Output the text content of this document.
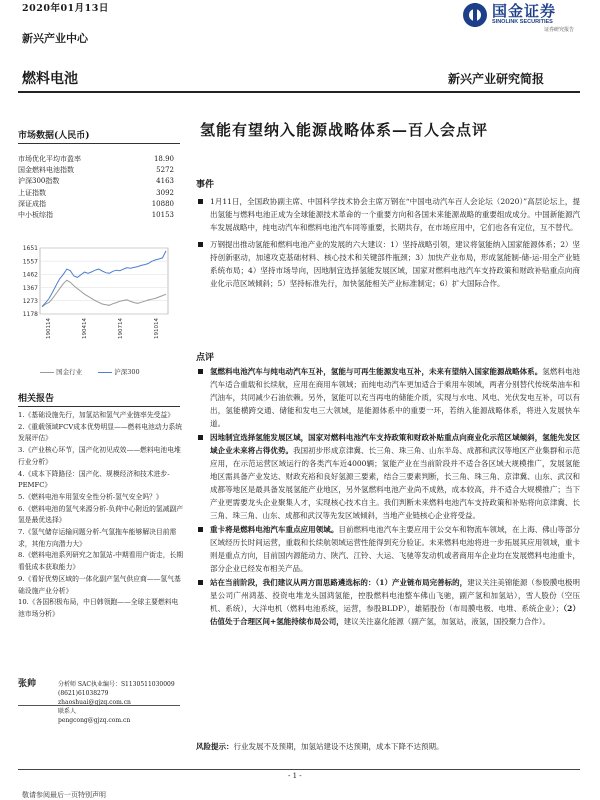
2020年01月13日
新兴产业中心
国金证券
SINOLINK SECURITIES
证券研究报告
燃料电池	新兴产业研究简报
氢能有望纳入能源战略体系—百人会点评
市场数据(人民币)
市场优化平均市盈率	18.90
国金燃料电池指数	5272
沪深300指数	4163
上证指数	3092
深证成指	10880
中小板综指	10153
1651
1557
1462
1367
1273
1178
190114	190414	190714	191014
国金行业	沪深300
相关报告
1.《基础设施先行，加氢站和氢气产业链率先受益》
2.《重载领域FCV成本优势明显——燃料电池动力系统发展评估》
3.《产业核心环节，国产化初见成效——燃料电池电堆行业分析》
4.《成本下降路径：国产化、规模经济和技术进步-PEMFC》
5.《燃料电池车用氢安全性分析-氢气安全吗？》
6.《燃料电池的氢气来源分析-负荷中心附近的氢减副产氢是最优选择》
7.《氢气储存运输问题分析-气氢拖车能够解决目前需求，其他方向潜力大》
8.《燃料电池系列研究之加氢站-中期看用户街走，长期看低成本获取能力》
9.《看好优势区域的一体化副产氢气供应商——氢气基础设施产业分析》
10.《各国积极布局，中日韩领跑——全球主要燃料电池市场分析》
事件

1月11日，全国政协副主席、中国科学技术协会主席万钢在“中国电动汽车百人会论坛（2020）”高层论坛上，提出氢能与燃料电池正成为全球能源技术革命的一个重要方向和各国未来能源战略的重要组成成分。中国新能源汽车发展战略中，纯电动汽车和燃料电池汽车同等重要，长期共存，在市场应用中，它们也各有定位，互不替代。

万钢提出推动氢能和燃料电池产业的发展的六大建议：1）坚持战略引领，建议将氢能纳入国家能源体系；2）坚持创新驱动，加速攻克基础材料、核心技术和关键部件瓶颈；3）加快产业布局，形成氢能制-储-运-用全产业链系统布局；4）坚持市场导向，因地制宜选择氢能发展区域，国家对燃料电池汽车支持政策和财政补贴重点向商业化示范区域倾斜；5）坚持标准先行，加快氢能相关产业标准制定；6）扩大国际合作。

点评

氢燃料电池汽车与纯电动汽车互补，氢能与可再生能源发电互补，未来有望纳入国家能源战略体系。氢燃料电池汽车适合重载和长续航，应用在商用车领域；而纯电动汽车更加适合于乘用车领域，两者分别替代传统柴油车和汽油车，共同减少石油依赖。另外，氢能可以充当再电的储能介质，实现与水电、风电、光伏发电互补，可以有出，氢能横跨交通、储能和发电三大领域，是能源体系中的重要一环，若纳入能源战略体系，将进入发展快车道。

因地制宜选择氢能发展区域，国家对燃料电池汽车支持政策和财政补贴重点向商业化示范区域倾斜，氢能先发区域企业未来将占得优势。我国初步形成京津冀、长三角、珠三角、山东半岛、成都和武汉等地区产业集群和示范应用，在示范运营区域运行的各类汽车近4000辆；氢能产业在当前阶段并不适合各区域大规模推广，发展氢能地区需具备产业发达、财政充裕和良好氢源三要素，结合三要素判断，长三角、珠三角、京津冀、山东、武汉和成都等地区是最具备发展氢能产业地区，另外氢燃料电池产业尚不成熟，成本较高，并不适合大规模推广；当下产业更需要龙头企业聚集人才，实现核心技术自主。我们判断未来燃料电池汽车支持政策和补贴将向京津冀、长三角、珠三角、山东、成都和武汉等先发区域倾斜，当地产业链核心企业将受益。

重卡将是燃料电池汽车重点应用领域。目前燃料电池汽车主要应用于公交车和物流车领域，在上海、佛山等部分区域经历长时间运营，重载和长续航领域运营性能得到充分验证。未来燃料电池将进一步拓展其应用领域，重卡则是重点方向，目前国内源能动力、陕汽、江铃、大运、飞驰等发动机或者商用车企业均在发展燃料电池重卡，部分企业已经发布相关产品。

站在当前阶段，我们建议从两方面思路遴选标的：（1）产业链布局完善标的，建议关注美锦能源（参股膜电极明星公司广州鸿基、投资电堆龙头国鸿氢能，控股燃料电池整车佛山飞驰，副产氢和加氢站），雪人股份（空压机、系统），大洋电机（燃料电池系统，运营，参股BLDP），雄韬股份（布局膜电极、电堆、系统企业）；（2）估值处于合理区间+氢能持续布局公司，建议关注嘉化能源（副产氢，加氢站，液氢，国投聚力合作）。

风险提示：行业发展不及预期，加氢站建设不达预期，成本下降不达预期。
张帅	分析师 SAC执业编号：S1130511030009
(8621)61038279
zhaoshuai@gjzq.com.cn
联系人
pengcong@gjzq.com.cn
- 1 -
敬请参阅最后一页特别声明
